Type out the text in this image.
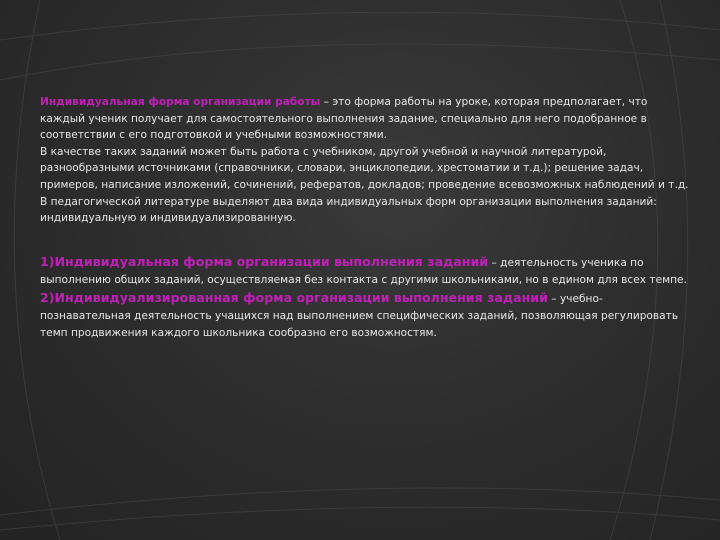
Индивидуальная форма организации работы – это форма работы на уроке, которая предполагает, что каждый ученик получает для самостоятельного выполнения задание, специально для него подобранное в соответствии с его подготовкой и учебными возможностями.

В качестве таких заданий может быть работа с учебником, другой учебной и научной литературой, разнообразными источниками (справочники, словари, энциклопедии, хрестоматии и т.д.); решение задач, примеров, написание изложений, сочинений, рефератов, докладов; проведение всевозможных наблюдений и т.д.

В педагогической литературе выделяют два вида индивидуальных форм организации выполнения заданий: индивидуальную и индивидуализированную.

1)Индивидуальная форма организации выполнения заданий – деятельность ученика по выполнению общих заданий, осуществляемая без контакта с другими школьниками, но в едином для всех темпе.

2)Индивидуализированная форма организации выполнения заданий – учебно-познавательная деятельность учащихся над выполнением специфических заданий, позволяющая регулировать темп продвижения каждого школьника сообразно его возможностям.
